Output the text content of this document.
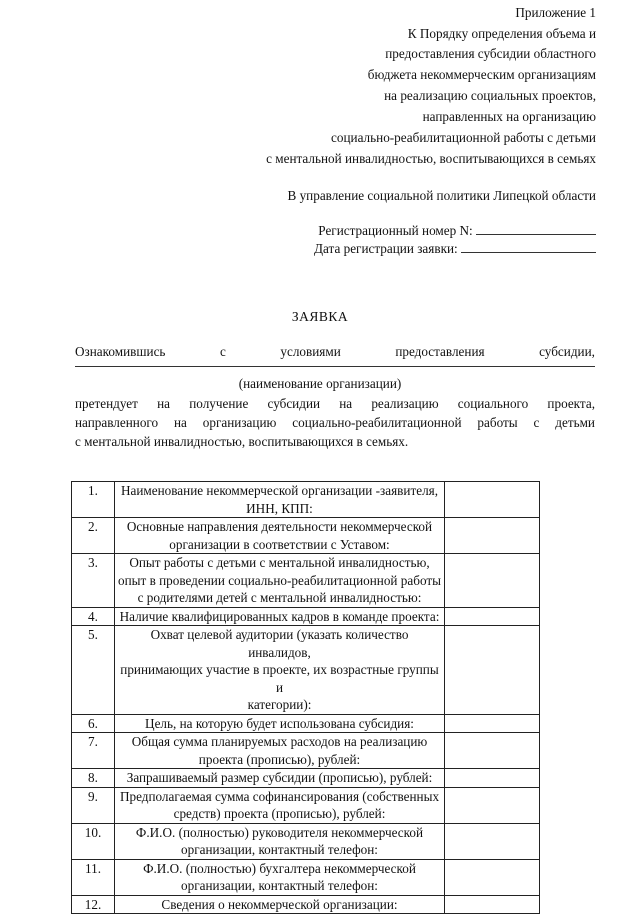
Приложение 1
К Порядку определения объема и
предоставления субсидии областного
бюджета некоммерческим организациям
на реализацию социальных проектов,
направленных на организацию
социально-реабилитационной работы с детьми
с ментальной инвалидностью, воспитывающихся в семьях
В управление социальной политики Липецкой области
Регистрационный номер N:
Дата регистрации заявки:
ЗАЯВКА
Ознакомившись	с	условиями	предоставления	субсидии,
(наименование организации)
претендует на получение субсидии на реализацию социального проекта,
направленного на организацию социально-реабилитационной работы с детьми
с ментальной инвалидностью, воспитывающихся в семьях.
1.	Наименование некоммерческой организации -заявителя,
ИНН, КПП:	

2.	Основные направления деятельности некоммерческой
организации в соответствии с Уставом:	

3.	Опыт работы с детьми с ментальной инвалидностью,
опыт в проведении социально-реабилитационной работы
с родителями детей с ментальной инвалидностью:	

4.	Наличие квалифицированных кадров в команде проекта:	

5.	Охват целевой аудитории (указать количество инвалидов,
принимающих участие в проекте, их возрастные группы и
категории):	

6.	Цель, на которую будет использована субсидия:	

7.	Общая сумма планируемых расходов на реализацию
проекта (прописью), рублей:	

8.	Запрашиваемый размер субсидии (прописью), рублей:	

9.	Предполагаемая сумма софинансирования (собственных
средств) проекта (прописью), рублей:	

10.	Ф.И.О. (полностью) руководителя некоммерческой
организации, контактный телефон:	

11.	Ф.И.О. (полностью) бухгалтера некоммерческой
организации, контактный телефон:	

12.	Сведения о некоммерческой организации:	
